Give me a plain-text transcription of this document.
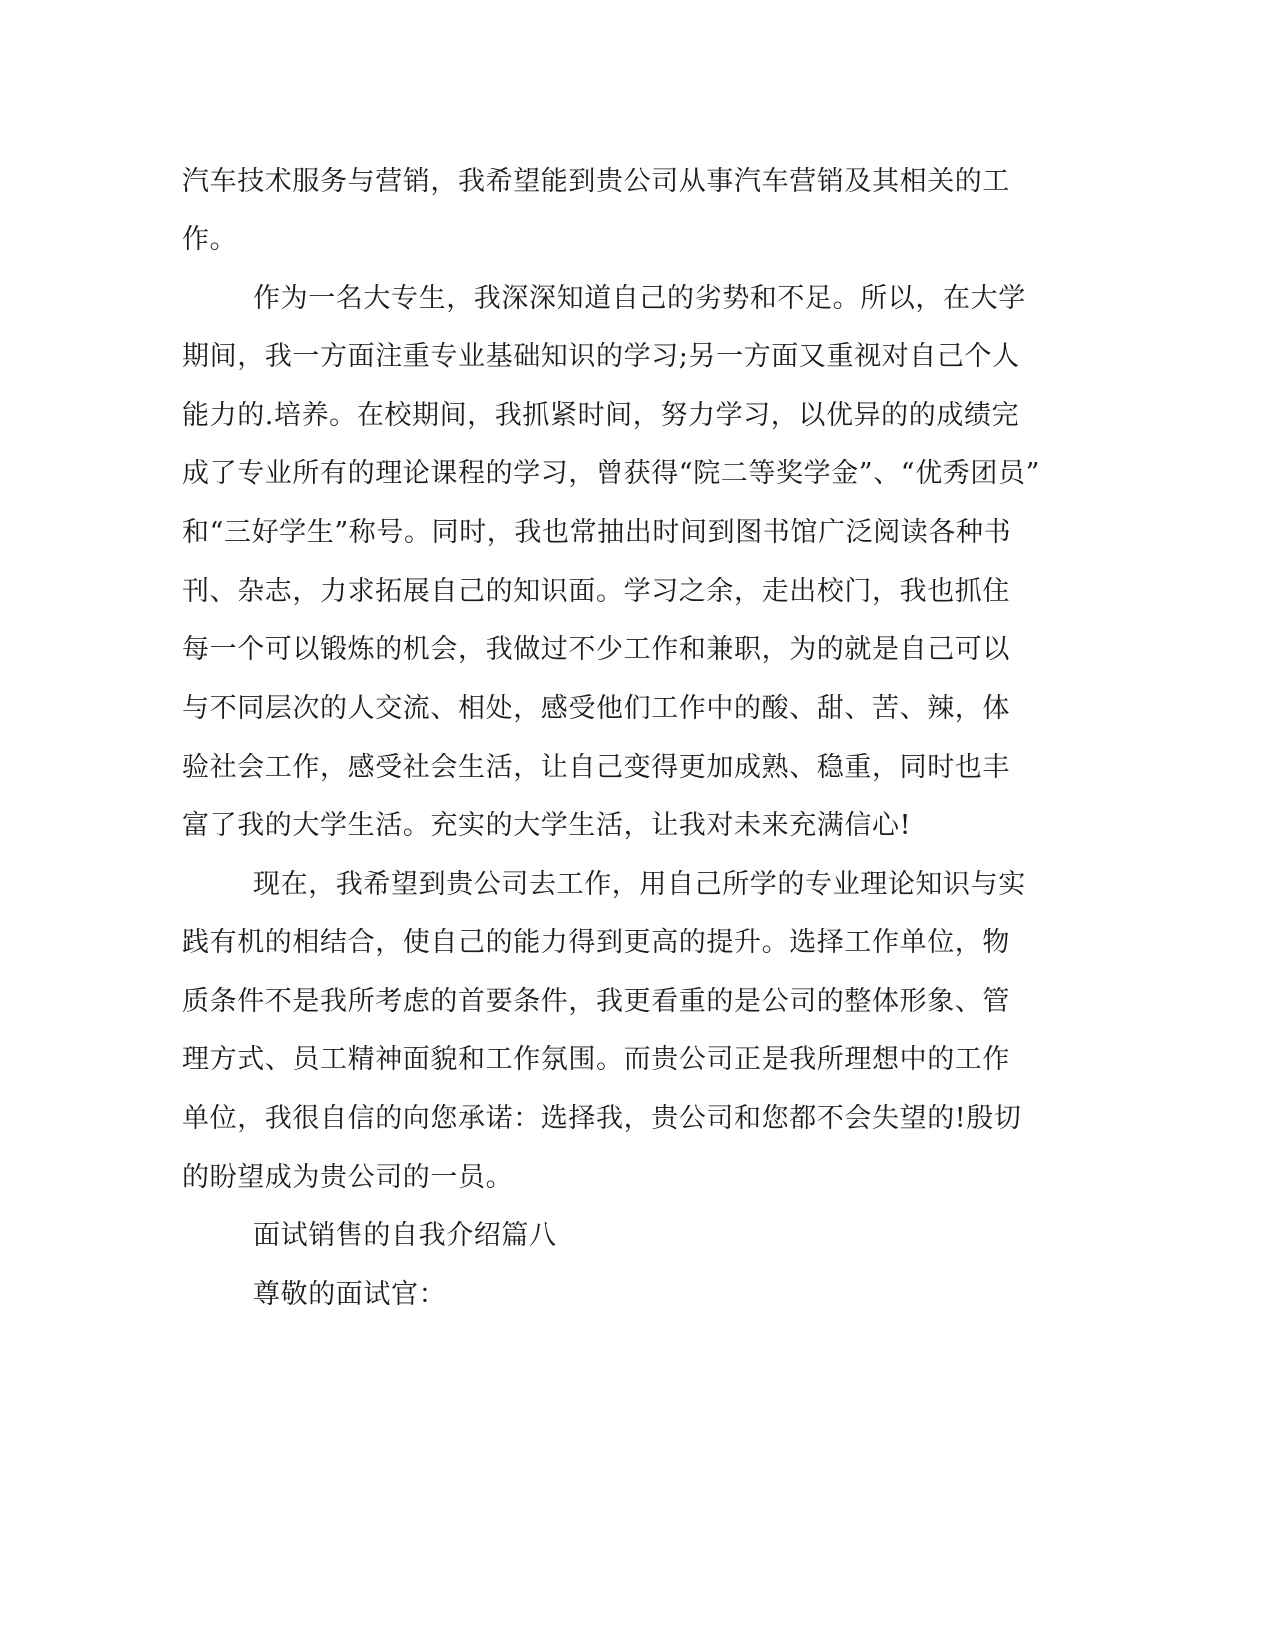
汽车技术服务与营销，我希望能到贵公司从事汽车营销及其相关的工
作。
作为一名大专生，我深深知道自己的劣势和不足。所以，在大学
期间，我一方面注重专业基础知识的学习;另一方面又重视对自己个人
能力的.培养。在校期间，我抓紧时间，努力学习，以优异的的成绩完
成了专业所有的理论课程的学习，曾获得“院二等奖学金”、“优秀团员”
和“三好学生”称号。同时，我也常抽出时间到图书馆广泛阅读各种书
刊、杂志，力求拓展自己的知识面。学习之余，走出校门，我也抓住
每一个可以锻炼的机会，我做过不少工作和兼职，为的就是自己可以
与不同层次的人交流、相处，感受他们工作中的酸、甜、苦、辣，体
验社会工作，感受社会生活，让自己变得更加成熟、稳重，同时也丰
富了我的大学生活。充实的大学生活，让我对未来充满信心!
现在，我希望到贵公司去工作，用自己所学的专业理论知识与实
践有机的相结合，使自己的能力得到更高的提升。选择工作单位，物
质条件不是我所考虑的首要条件，我更看重的是公司的整体形象、管
理方式、员工精神面貌和工作氛围。而贵公司正是我所理想中的工作
单位，我很自信的向您承诺：选择我，贵公司和您都不会失望的!殷切
的盼望成为贵公司的一员。
面试销售的自我介绍篇八
尊敬的面试官：
